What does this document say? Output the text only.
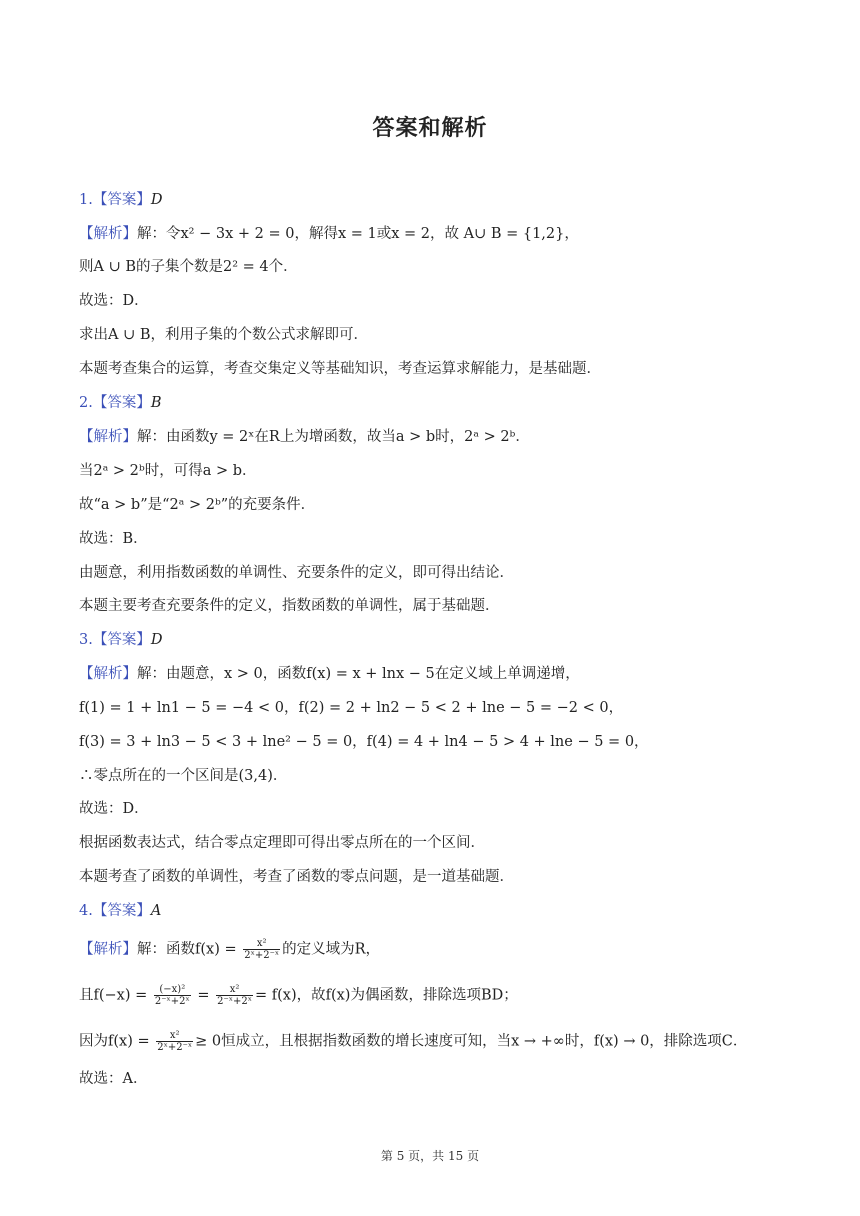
答案和解析
1.【答案】D
【解析】解：令x² − 3x + 2 = 0，解得x = 1或x = 2，故 A∪ B = {1,2}，
则A ∪ B的子集个数是2² = 4个．
故选：D．
求出A ∪ B，利用子集的个数公式求解即可．
本题考查集合的运算，考查交集定义等基础知识，考查运算求解能力，是基础题．
2.【答案】B
【解析】解：由函数y = 2ˣ在R上为增函数，故当a > b时，2ᵃ > 2ᵇ．
当2ᵃ > 2ᵇ时，可得a > b．
故“a > b”是“2ᵃ > 2ᵇ”的充要条件．
故选：B．
由题意，利用指数函数的单调性、充要条件的定义，即可得出结论．
本题主要考查充要条件的定义，指数函数的单调性，属于基础题．
3.【答案】D
【解析】解：由题意，x > 0，函数f(x) = x + lnx − 5在定义域上单调递增，
f(1) = 1 + ln1 − 5 = −4 < 0，f(2) = 2 + ln2 − 5 < 2 + lne − 5 = −2 < 0，
f(3) = 3 + ln3 − 5 < 3 + lne² − 5 = 0，f(4) = 4 + ln4 − 5 > 4 + lne − 5 = 0，
∴零点所在的一个区间是(3,4)．
故选：D．
根据函数表达式，结合零点定理即可得出零点所在的一个区间．
本题考查了函数的单调性，考查了函数的零点问题，是一道基础题．
4.【答案】A
【解析】解：函数$f(x) = \frac{\text{x²}}{\text{2ˣ+2⁻ˣ}}$ 的定义域为R，
且$f(-x) = \frac{\text{(−x)²}}{\text{2⁻ˣ+2ˣ}} = \frac{\text{x²}}{\text{2⁻ˣ+2ˣ}} = f(x)$，故f(x)为偶函数，排除选项BD；
因为$f(x) = \frac{\text{x²}}{\text{2ˣ+2⁻ˣ}} \ge 0$恒成立，且根据指数函数的增长速度可知，当x → +∞时，f(x) → 0，排除选项C．
故选：A．
第 5 页，共 15 页
